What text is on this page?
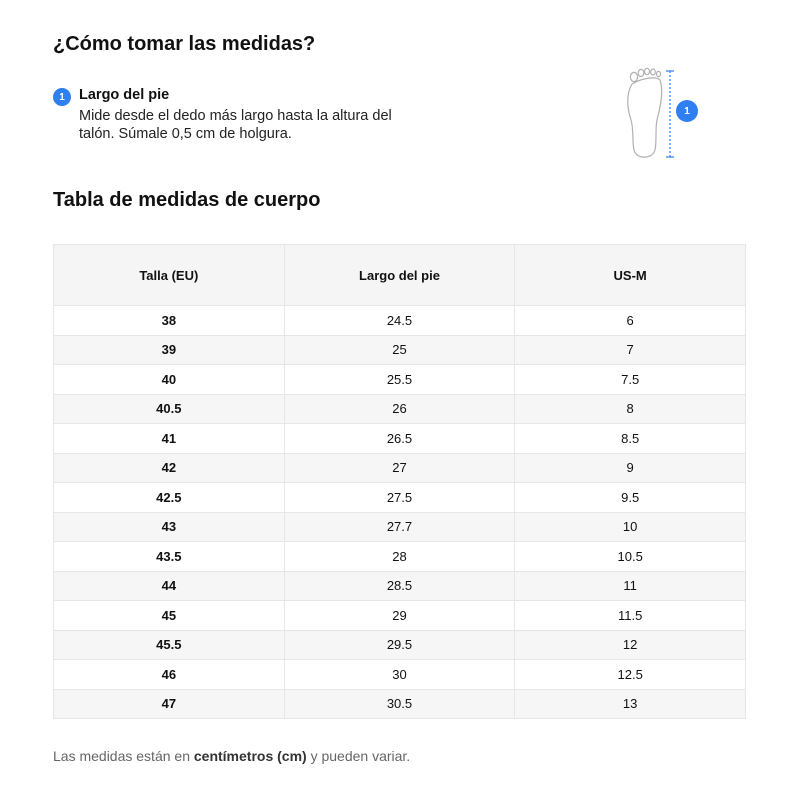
¿Cómo tomar las medidas?
1 Largo del pie
Mide desde el dedo más largo hasta la altura del talón. Súmale 0,5 cm de holgura.
1
Tabla de medidas de cuerpo
Talla (EU)	Largo del pie	US-M
38	24.5	6
39	25	7
40	25.5	7.5
40.5	26	8
41	26.5	8.5
42	27	9
42.5	27.5	9.5
43	27.7	10
43.5	28	10.5
44	28.5	11
45	29	11.5
45.5	29.5	12
46	30	12.5
47	30.5	13
Las medidas están en centímetros (cm) y pueden variar.
